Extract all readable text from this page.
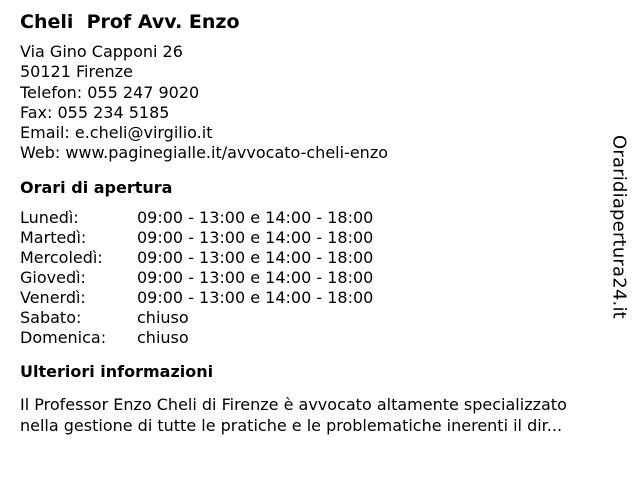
Cheli  Prof Avv. Enzo
Via Gino Capponi 26
50121 Firenze
Telefon: 055 247 9020
Fax: 055 234 5185
Email: e.cheli@virgilio.it
Web: www.paginegialle.it/avvocato-cheli-enzo
Orari di apertura
Lunedì:	09:00 - 13:00 e 14:00 - 18:00
Martedì:	09:00 - 13:00 e 14:00 - 18:00
Mercoledì:	09:00 - 13:00 e 14:00 - 18:00
Giovedì:	09:00 - 13:00 e 14:00 - 18:00
Venerdì:	09:00 - 13:00 e 14:00 - 18:00
Sabato:	chiuso
Domenica:	chiuso
Ulteriori informazioni
Il Professor Enzo Cheli di Firenze è avvocato altamente specializzato
nella gestione di tutte le pratiche e le problematiche inerenti il dir...
Oraridiapertura24.it
